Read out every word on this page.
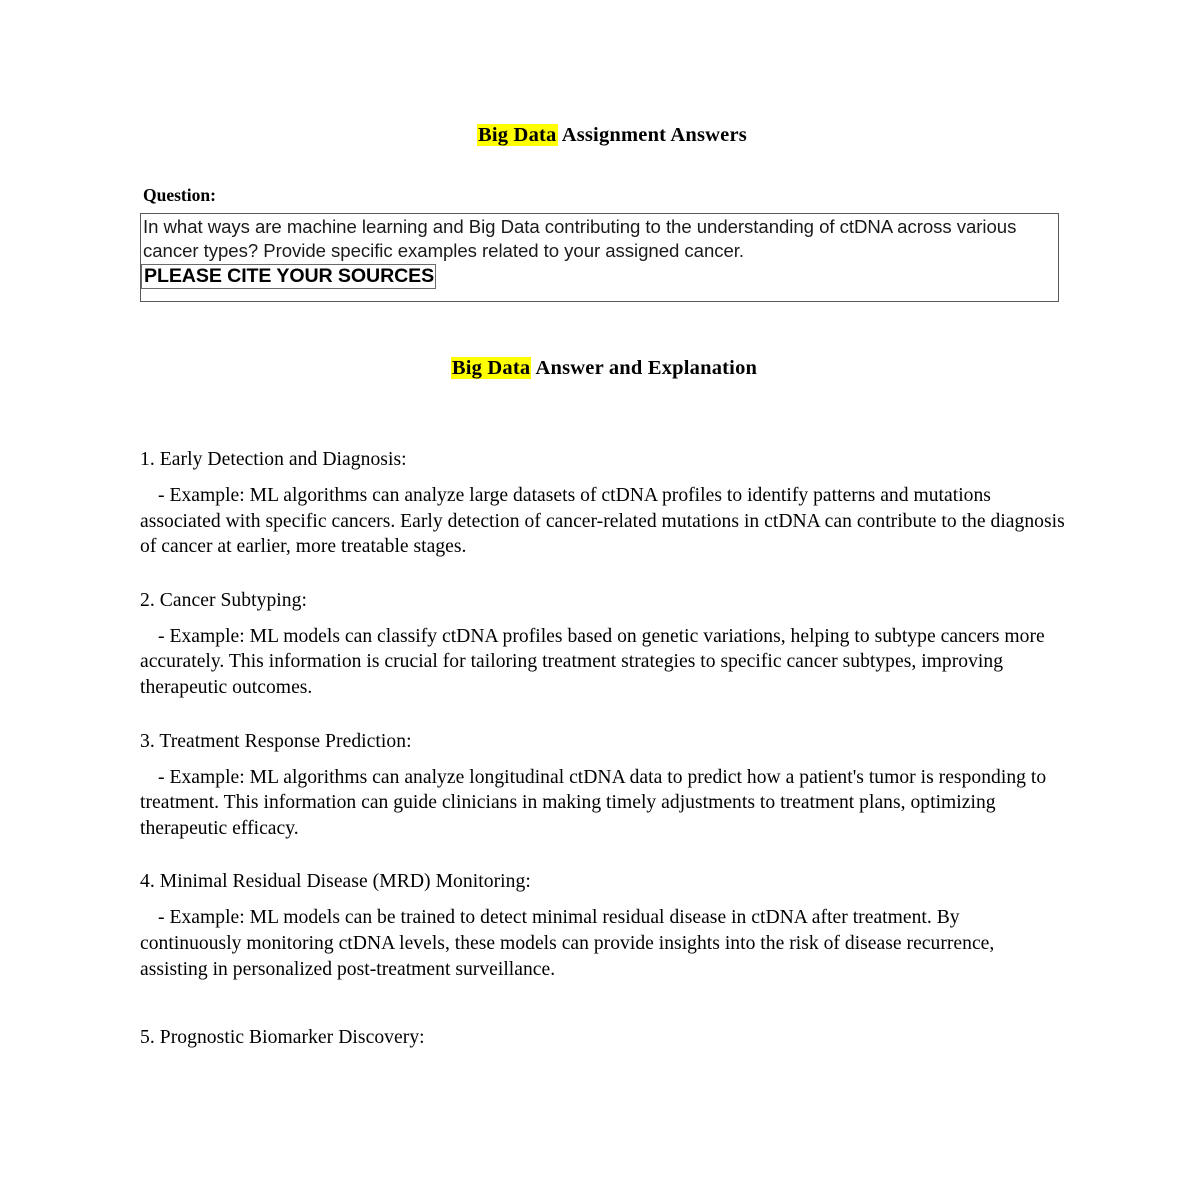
Big Data Assignment Answers
Question:

In what ways are machine learning and Big Data contributing to the understanding of ctDNA across various cancer types? Provide specific examples related to your assigned cancer.

PLEASE CITE YOUR SOURCES
Big Data Answer and Explanation

1. Early Detection and Diagnosis:

- Example: ML algorithms can analyze large datasets of ctDNA profiles to identify patterns and mutations associated with specific cancers. Early detection of cancer-related mutations in ctDNA can contribute to the diagnosis of cancer at earlier, more treatable stages.

2. Cancer Subtyping:

- Example: ML models can classify ctDNA profiles based on genetic variations, helping to subtype cancers more accurately. This information is crucial for tailoring treatment strategies to specific cancer subtypes, improving therapeutic outcomes.

3. Treatment Response Prediction:

- Example: ML algorithms can analyze longitudinal ctDNA data to predict how a patient's tumor is responding to treatment. This information can guide clinicians in making timely adjustments to treatment plans, optimizing therapeutic efficacy.

4. Minimal Residual Disease (MRD) Monitoring:

- Example: ML models can be trained to detect minimal residual disease in ctDNA after treatment. By continuously monitoring ctDNA levels, these models can provide insights into the risk of disease recurrence, assisting in personalized post-treatment surveillance.

5. Prognostic Biomarker Discovery:
